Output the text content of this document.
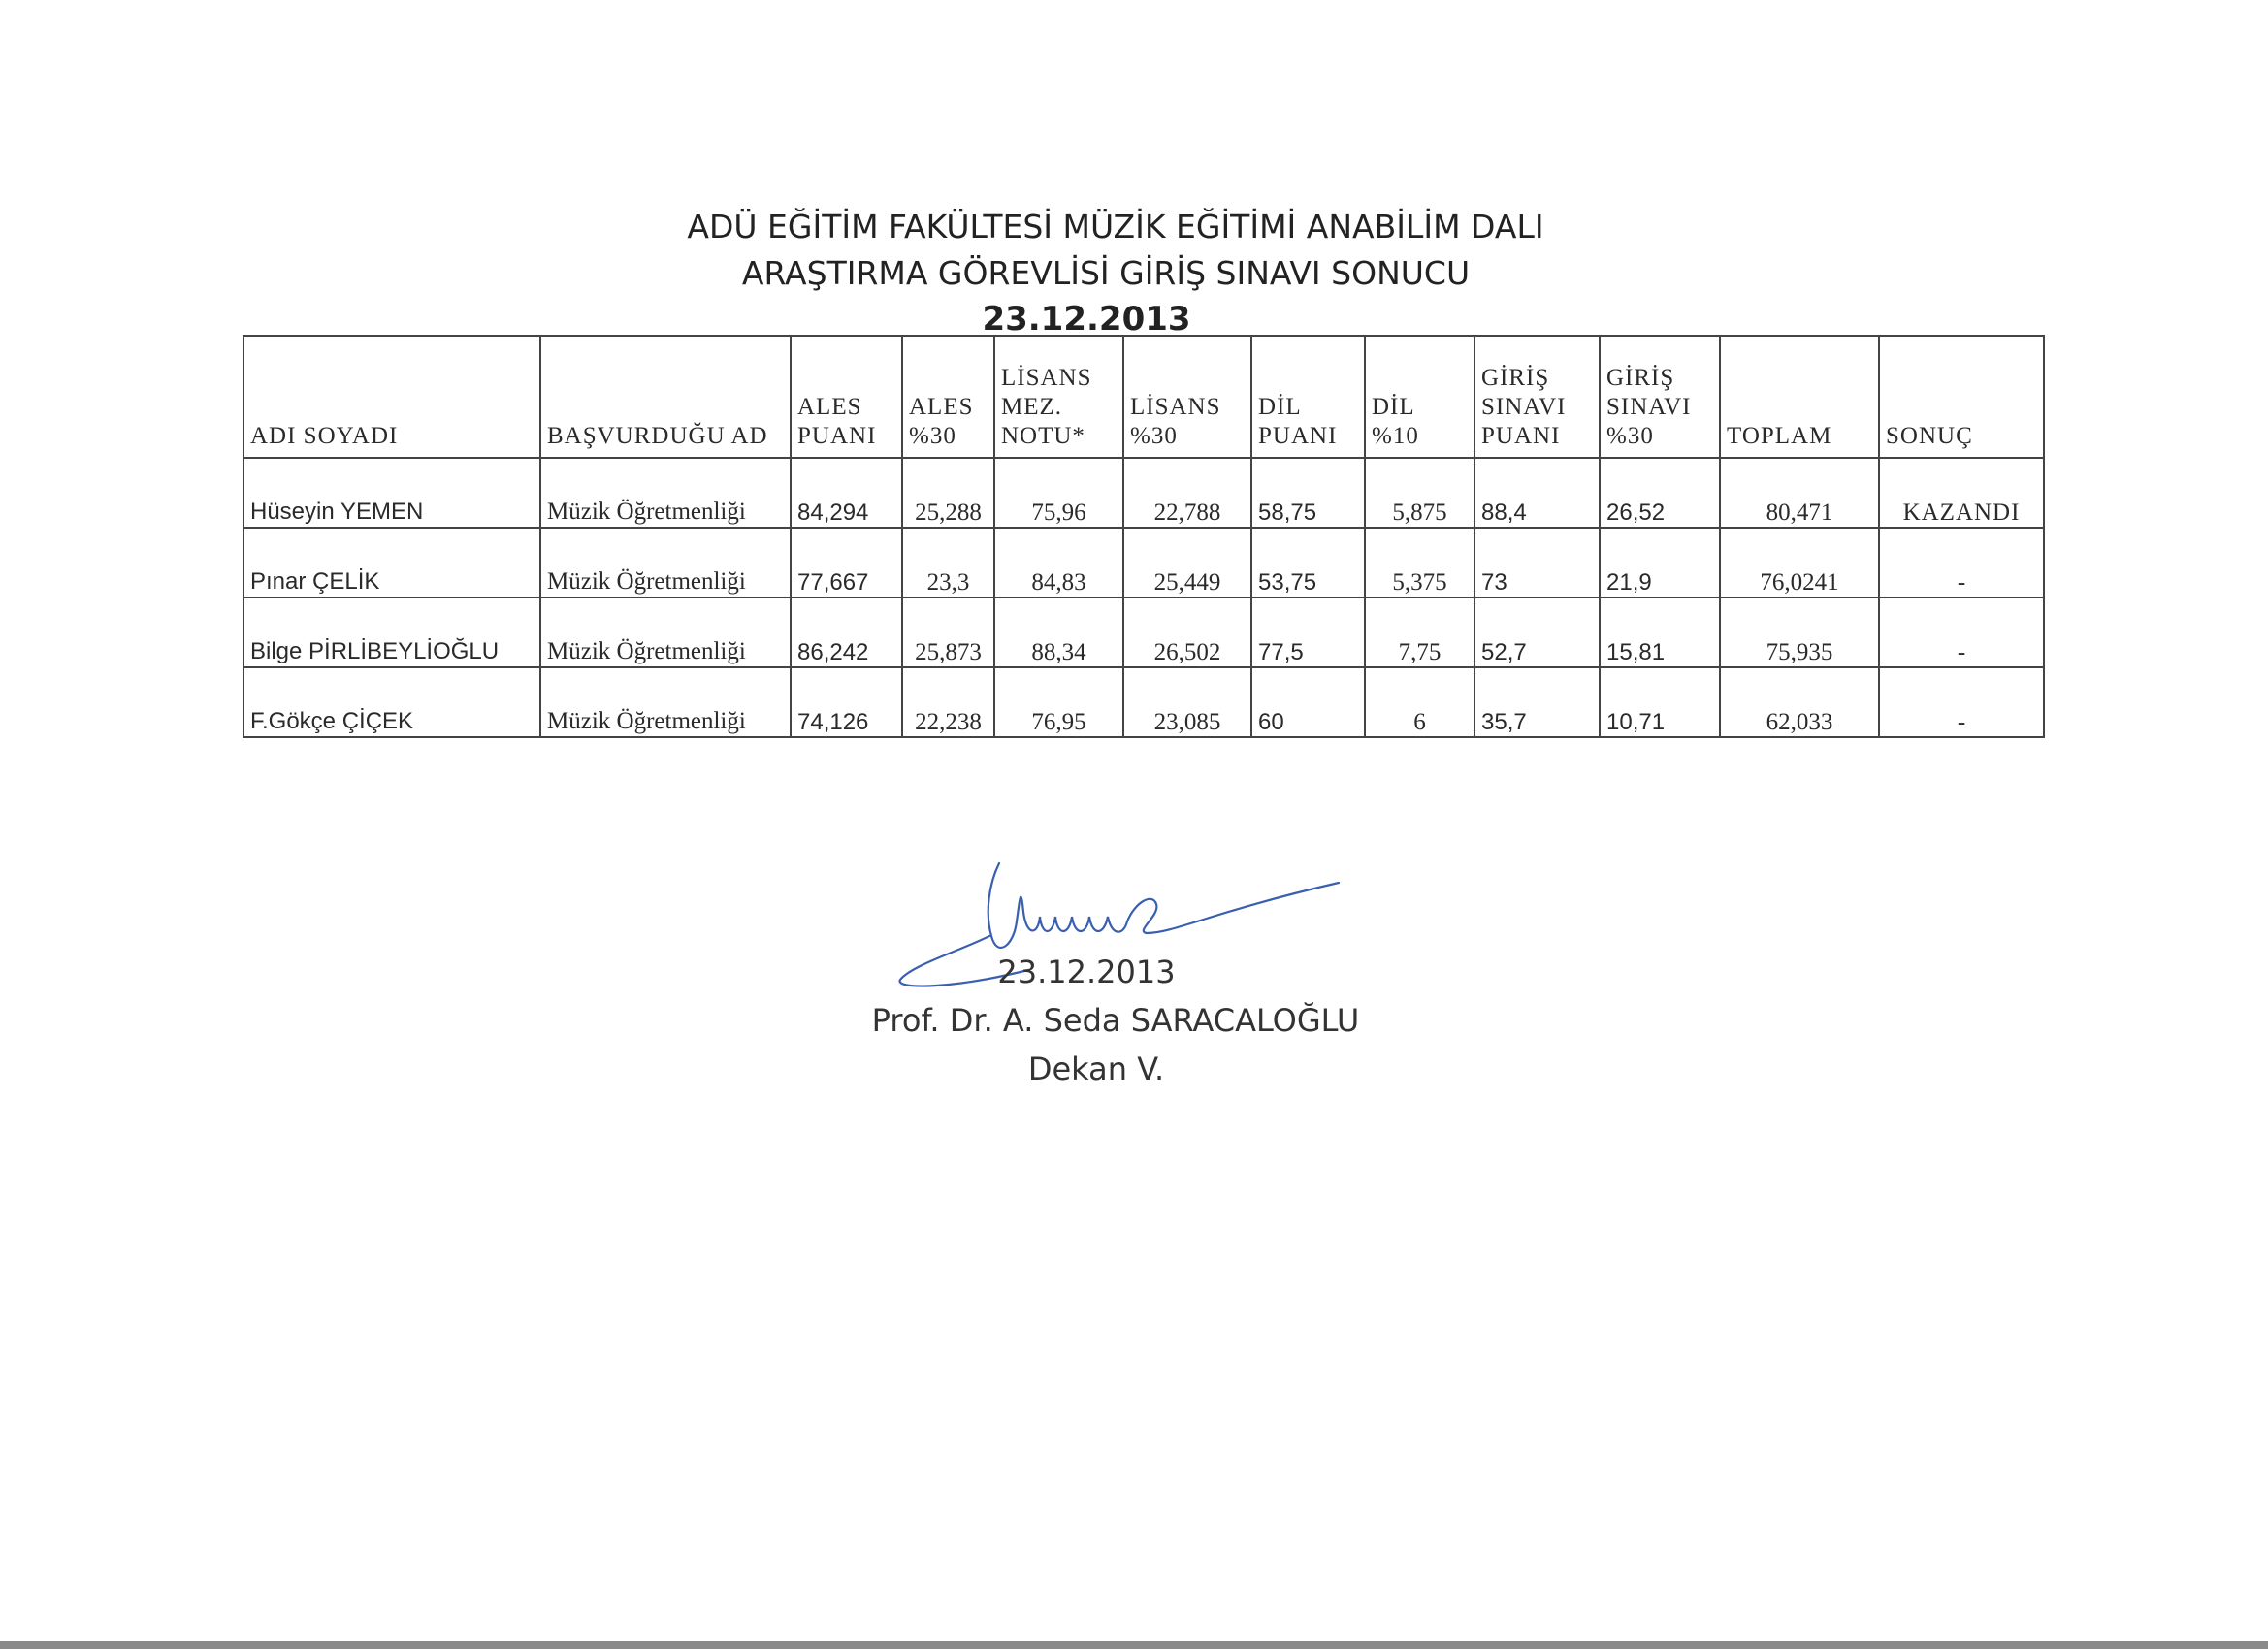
ADÜ EĞİTİM FAKÜLTESİ MÜZİK EĞİTİMİ ANABİLİM DALI
ARAŞTIRMA GÖREVLİSİ GİRİŞ SINAVI SONUCU
23.12.2013
ADI SOYADI	BAŞVURDUĞU AD	ALES PUANI	ALES %30	LİSANS MEZ. NOTU*	LİSANS %30	DİL PUANI	DİL %10	GİRİŞ SINAVI PUANI	GİRİŞ SINAVI %30	TOPLAM	SONUÇ
Hüseyin YEMEN	Müzik Öğretmenliği	84,294	25,288	75,96	22,788	58,75	5,875	88,4	26,52	80,471	KAZANDI
Pınar ÇELİK	Müzik Öğretmenliği	77,667	23,3	84,83	25,449	53,75	5,375	73	21,9	76,0241	-
Bilge PİRLİBEYLİOĞLU	Müzik Öğretmenliği	86,242	25,873	88,34	26,502	77,5	7,75	52,7	15,81	75,935	-
F.Gökçe ÇİÇEK	Müzik Öğretmenliği	74,126	22,238	76,95	23,085	60	6	35,7	10,71	62,033	-
23.12.2013
Prof. Dr. A. Seda SARACALOĞLU
Dekan V.
